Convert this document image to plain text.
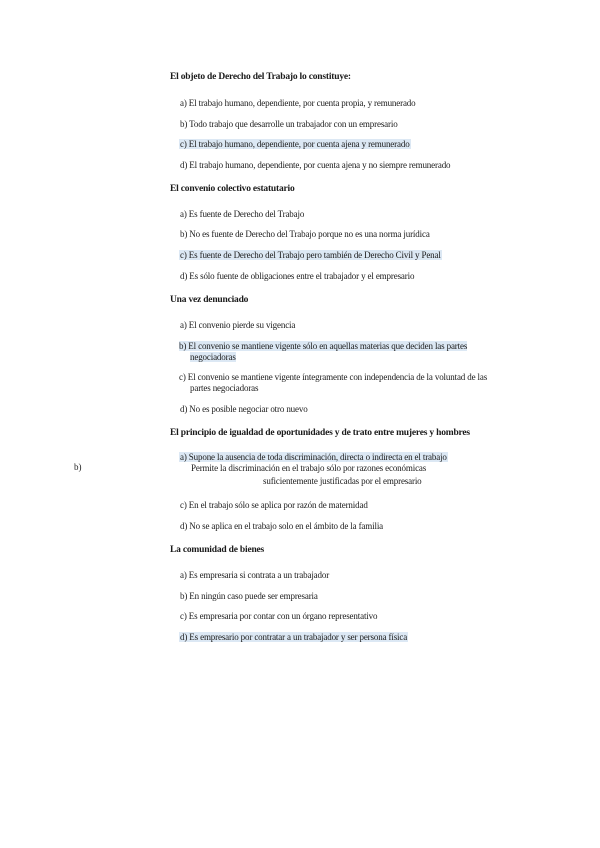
El objeto de Derecho del Trabajo lo constituye:
a) El trabajo humano, dependiente, por cuenta propia, y remunerado
b) Todo trabajo que desarrolle un trabajador con un empresario
c) El trabajo humano, dependiente, por cuenta ajena y remunerado
d) El trabajo humano, dependiente, por cuenta ajena y no siempre remunerado
El convenio colectivo estatutario
a) Es fuente de Derecho del Trabajo
b) No es fuente de Derecho del Trabajo porque no es una norma jurídica
c) Es fuente de Derecho del Trabajo pero también de Derecho Civil y Penal
d) Es sólo fuente de obligaciones entre el trabajador y el empresario
Una vez denunciado
a) El convenio pierde su vigencia
b) El convenio se mantiene vigente sólo en aquellas materias que deciden las partes negociadoras
c) El convenio se mantiene vigente íntegramente con independencia de la voluntad de las partes negociadoras
d) No es posible negociar otro nuevo
El principio de igualdad de oportunidades y de trato entre mujeres y hombres
a) Supone la ausencia de toda discriminación, directa o indirecta en el trabajo
b)	Permite la discriminación en el trabajo sólo por razones económicas
suficientemente justificadas por el empresario
c) En el trabajo sólo se aplica por razón de maternidad
d) No se aplica en el trabajo solo en el ámbito de la familia
La comunidad de bienes
a) Es empresaria si contrata a un trabajador
b) En ningún caso puede ser empresaria
c) Es empresaria por contar con un órgano representativo
d) Es empresario por contratar a un trabajador y ser persona física
